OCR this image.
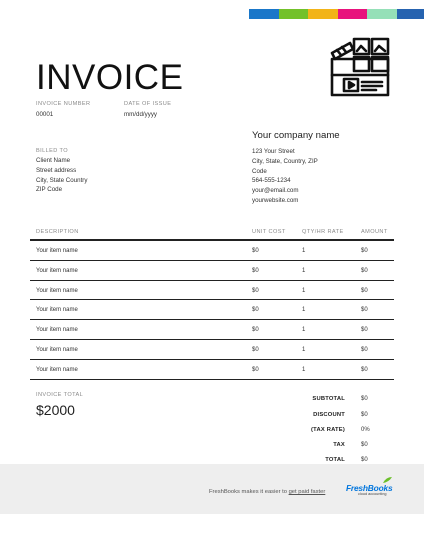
INVOICE
INVOICE NUMBER
00001
DATE OF ISSUE
mm/dd/yyyy
Your company name
123 Your Street
City, State, Country, ZIP
Code
564-555-1234
your@email.com
yourwebsite.com
BILLED TO
Client Name
Street address
City, State Country
ZIP Code
DESCRIPTION	UNIT COST	QTY/HR RATE	AMOUNT
Your item name	$0	1	$0
Your item name	$0	1	$0
Your item name	$0	1	$0
Your item name	$0	1	$0
Your item name	$0	1	$0
Your item name	$0	1	$0
Your item name	$0	1	$0
INVOICE TOTAL
$2000
SUBTOTAL	$0
DISCOUNT	$0
(TAX RATE)	0%
TAX	$0
TOTAL	$0
FreshBooks makes it easier to get paid faster FreshBooks
cloud accounting
